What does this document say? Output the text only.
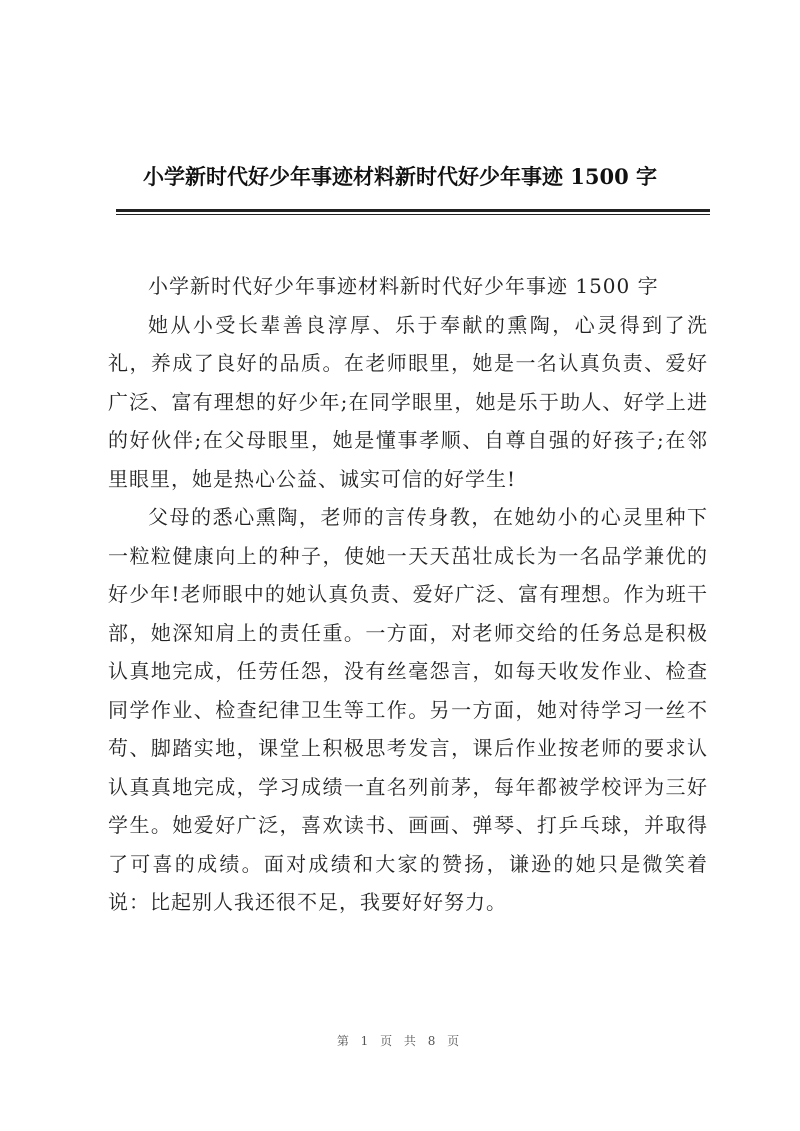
小学新时代好少年事迹材料新时代好少年事迹 1500 字

小学新时代好少年事迹材料新时代好少年事迹 1500 字

她从小受长辈善良淳厚、乐于奉献的熏陶，心灵得到了洗礼，养成了良好的品质。在老师眼里，她是一名认真负责、爱好广泛、富有理想的好少年;在同学眼里，她是乐于助人、好学上进的好伙伴;在父母眼里，她是懂事孝顺、自尊自强的好孩子;在邻里眼里，她是热心公益、诚实可信的好学生!

父母的悉心熏陶，老师的言传身教，在她幼小的心灵里种下一粒粒健康向上的种子，使她一天天茁壮成长为一名品学兼优的好少年!老师眼中的她认真负责、爱好广泛、富有理想。作为班干部，她深知肩上的责任重。一方面，对老师交给的任务总是积极认真地完成，任劳任怨，没有丝毫怨言，如每天收发作业、检查同学作业、检查纪律卫生等工作。另一方面，她对待学习一丝不苟、脚踏实地，课堂上积极思考发言，课后作业按老师的要求认认真真地完成，学习成绩一直名列前茅，每年都被学校评为三好学生。她爱好广泛，喜欢读书、画画、弹琴、打乒乓球，并取得了可喜的成绩。面对成绩和大家的赞扬，谦逊的她只是微笑着说：比起别人我还很不足，我要好好努力。

第 1 页 共 8 页
